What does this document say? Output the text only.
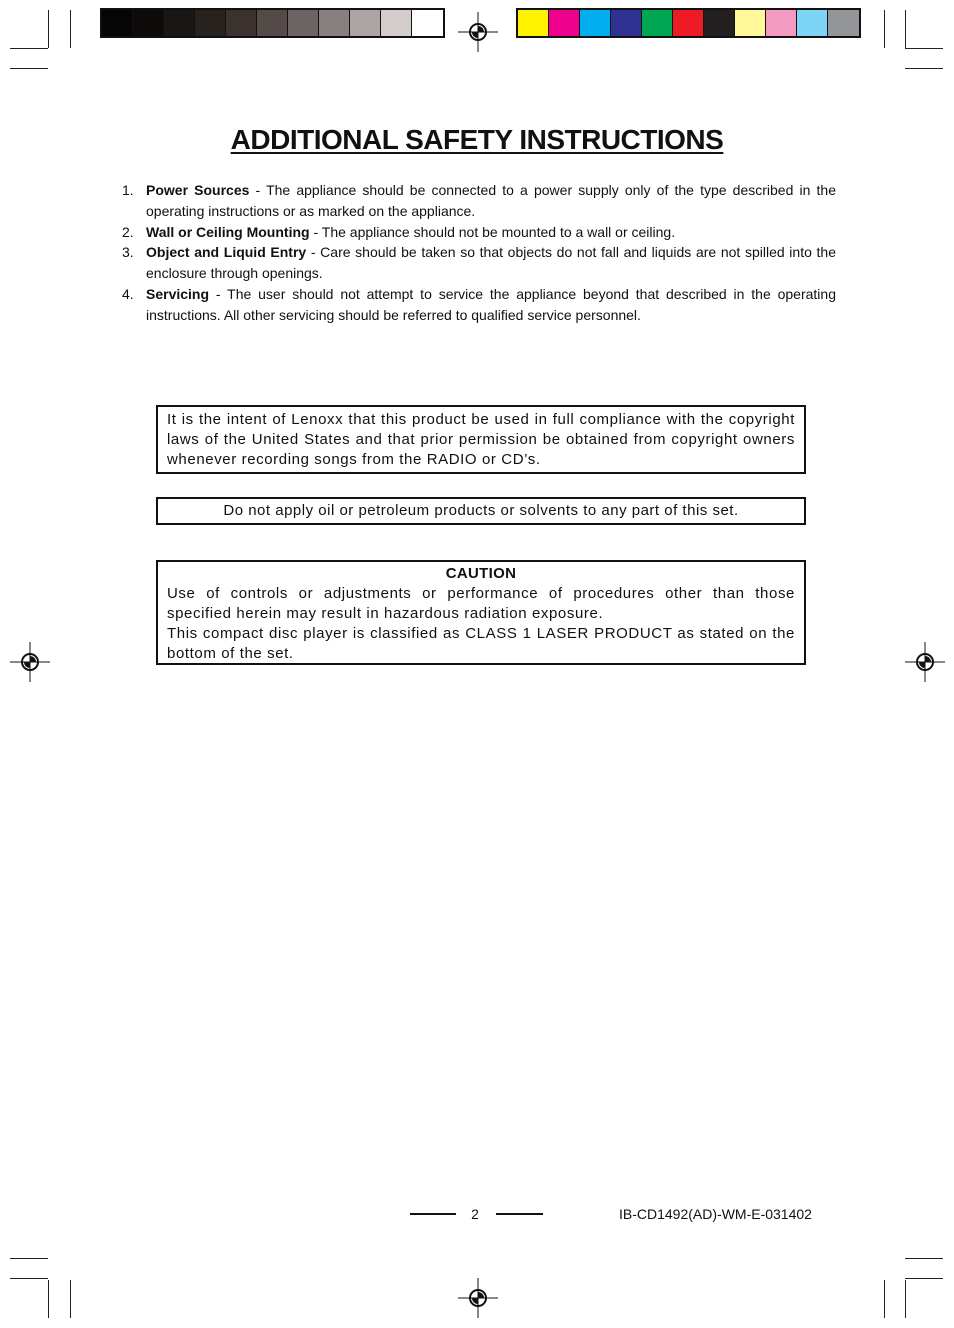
ADDITIONAL SAFETY INSTRUCTIONS
1. Power Sources - The appliance should be connected to a power supply only of the type described in the operating instructions or as marked on the appliance.
2. Wall or Ceiling Mounting - The appliance should not be mounted to a wall or ceiling.
3. Object and Liquid Entry - Care should be taken so that objects do not fall and liquids are not spilled into the enclosure through openings.
4. Servicing - The user should not attempt to service the appliance beyond that described in the operating instructions. All other servicing should be referred to qualified service personnel.
It is the intent of Lenoxx that this product be used in full compliance with the copyright laws of the United States and that prior permission be obtained from copyright owners whenever recording songs from the RADIO or CD’s.
Do not apply oil or petroleum products or solvents to any part of this set.
CAUTION
Use of controls or adjustments or performance of procedures other than those specified herein may result in hazardous radiation exposure.
This compact disc player is classified as CLASS 1 LASER PRODUCT as stated on the bottom of the set.
2	IB-CD1492(AD)-WM-E-031402
